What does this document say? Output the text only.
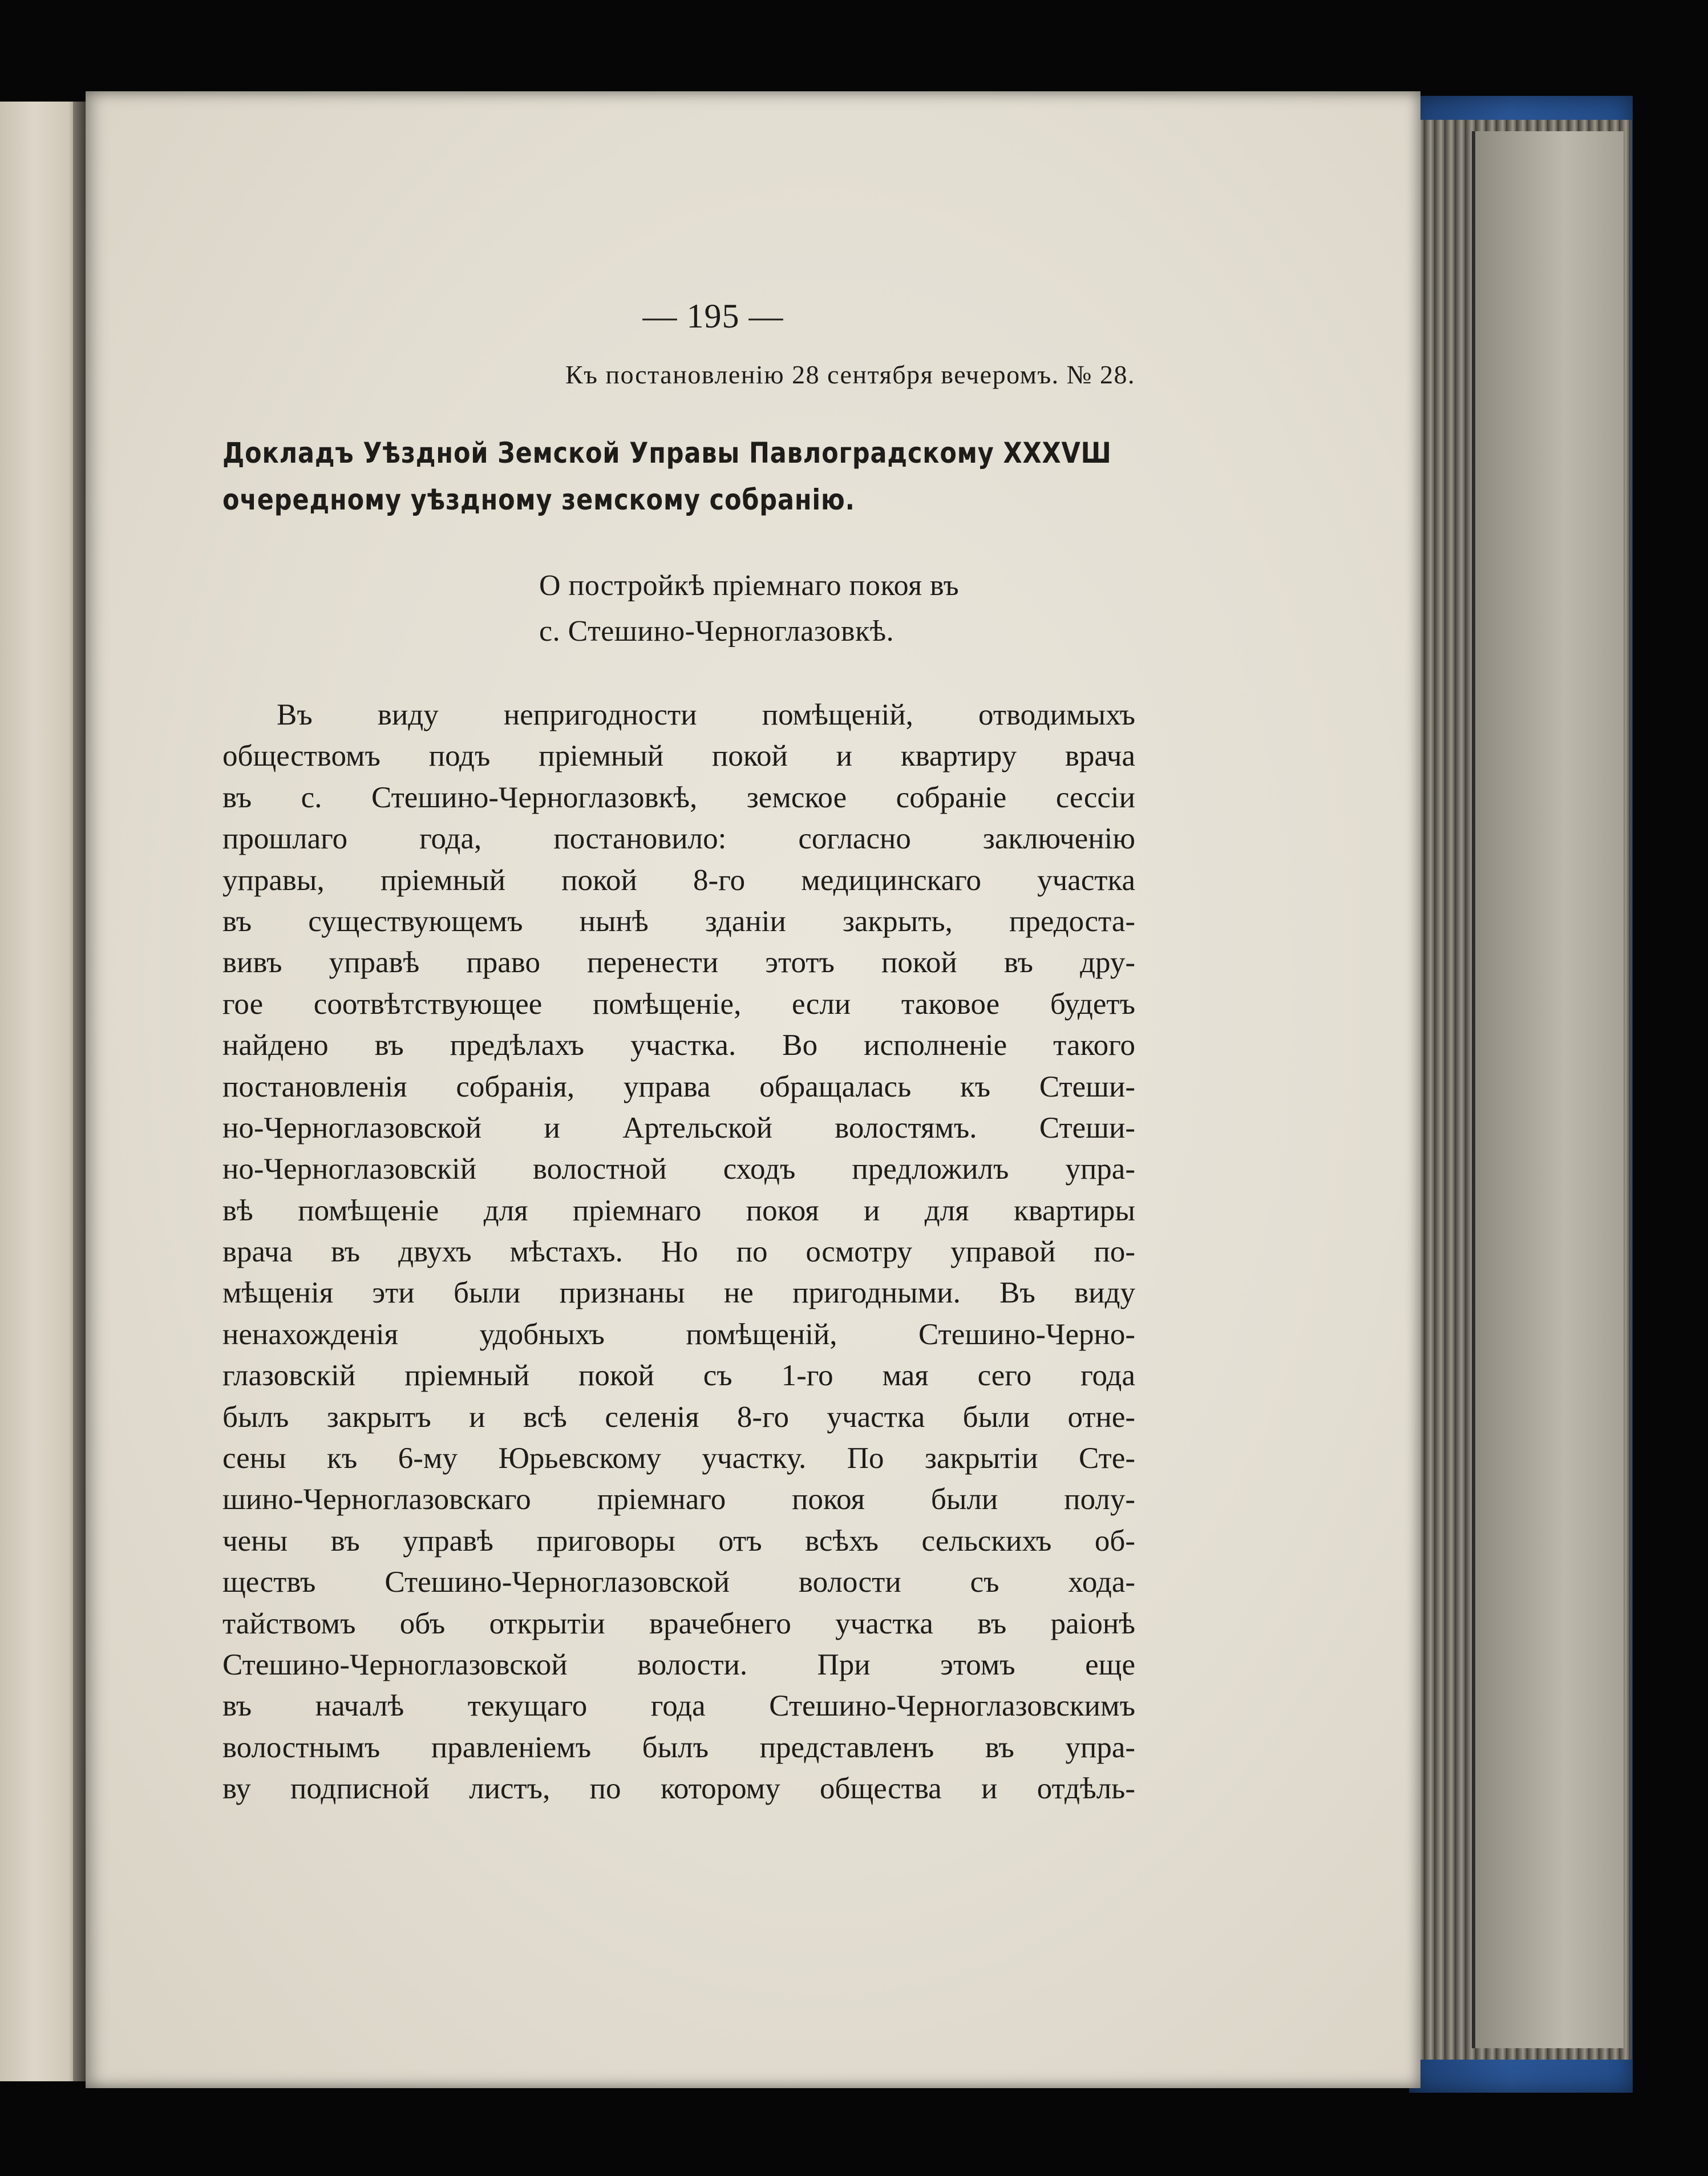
— 195 —
Къ постановленію 28 сентября вечеромъ. № 28.
Докладъ Уѣздной Земской Управы Павлоградскому XXXVШ
очередному уѣздному земскому собранію.
О постройкѣ пріемнаго покоя въ
с. Стешино-Черноглазовкѣ.
Въ виду непригодности помѣщеній, отводимыхъ
обществомъ подъ пріемный покой и квартиру врача
въ с. Стешино-Черноглазовкѣ, земское собраніе сессіи
прошлаго года, постановило: согласно заключенію
управы, пріемный покой 8-го медицинскаго участка
въ существующемъ нынѣ зданіи закрыть, предоста-
вивъ управѣ право перенести этотъ покой въ дру-
гое соотвѣтствующее помѣщеніе, если таковое будетъ
найдено въ предѣлахъ участка. Во исполненіе такого
постановленія собранія, управа обращалась къ Стеши-
но-Черноглазовской и Артельской волостямъ. Стеши-
но-Черноглазовскій волостной сходъ предложилъ упра-
вѣ помѣщеніе для пріемнаго покоя и для квартиры
врача въ двухъ мѣстахъ. Но по осмотру управой по-
мѣщенія эти были признаны не пригодными. Въ виду
ненахожденія удобныхъ помѣщеній, Стешино-Черно-
глазовскій пріемный покой съ 1-го мая сего года
былъ закрытъ и всѣ селенія 8-го участка были отне-
сены къ 6-му Юрьевскому участку. По закрытіи Сте-
шино-Черноглазовскаго пріемнаго покоя были полу-
чены въ управѣ приговоры отъ всѣхъ сельскихъ об-
ществъ Стешино-Черноглазовской волости съ хода-
тайствомъ объ открытіи врачебнего участка въ раіонѣ
Стешино-Черноглазовской волости. При этомъ еще
въ началѣ текущаго года Стешино-Черноглазовскимъ
волостнымъ правленіемъ былъ представленъ въ упра-
ву подписной листъ, по которому общества и отдѣль-
